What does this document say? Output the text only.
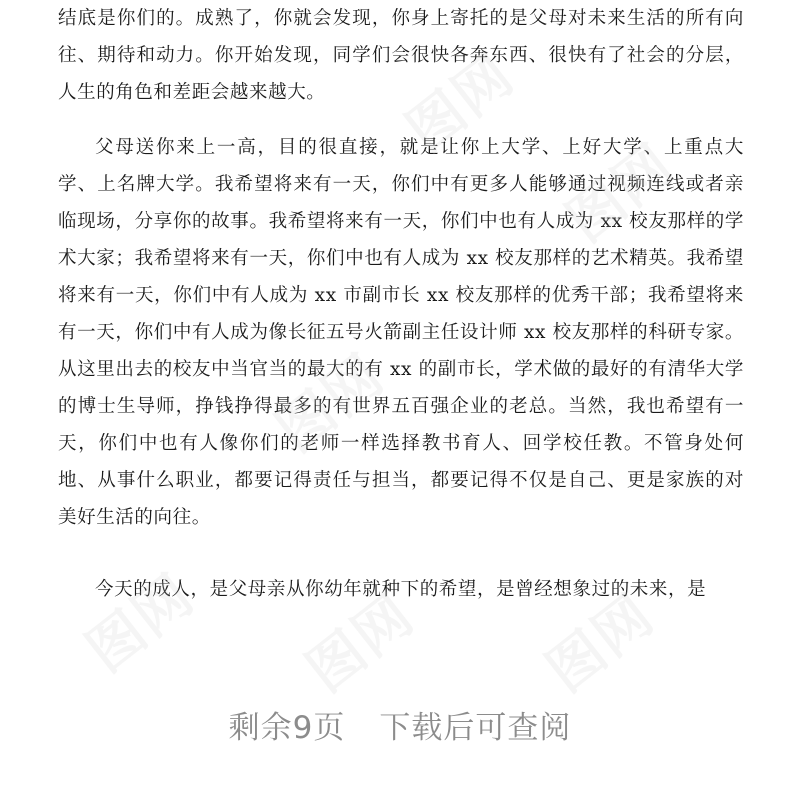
结底是你们的。成熟了，你就会发现，你身上寄托的是父母对未来生活的所有向往、期待和动力。你开始发现，同学们会很快各奔东西、很快有了社会的分层，人生的角色和差距会越来越大。

父母送你来上一高，目的很直接，就是让你上大学、上好大学、上重点大学、上名牌大学。我希望将来有一天，你们中有更多人能够通过视频连线或者亲临现场，分享你的故事。我希望将来有一天，你们中也有人成为 xx 校友那样的学术大家；我希望将来有一天，你们中也有人成为 xx 校友那样的艺术精英。我希望将来有一天，你们中有人成为 xx 市副市长 xx 校友那样的优秀干部；我希望将来有一天，你们中有人成为像长征五号火箭副主任设计师 xx 校友那样的科研专家。从这里出去的校友中当官当的最大的有 xx 的副市长，学术做的最好的有清华大学的博士生导师，挣钱挣得最多的有世界五百强企业的老总。当然，我也希望有一天，你们中也有人像你们的老师一样选择教书育人、回学校任教。不管身处何地、从事什么职业，都要记得责任与担当，都要记得不仅是自己、更是家族的对美好生活的向往。

今天的成人，是父母亲从你幼年就种下的希望，是曾经想象过的未来，是

图网
图网
图网
图网 图网 图网
剩余9页 下载后可查阅
